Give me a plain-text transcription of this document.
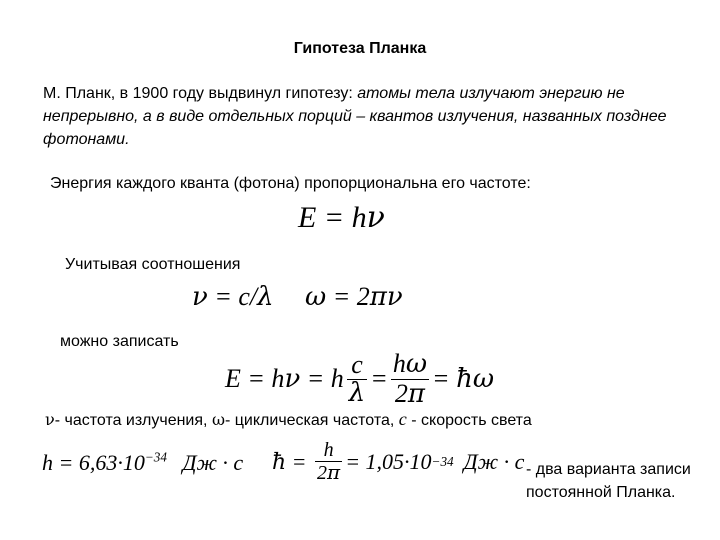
Гипотеза Планка
М. Планк, в 1900 году выдвинул гипотезу: атомы тела излучают энергию не непрерывно, а в виде отдельных порций – квантов излучения, названных позднее фотонами.
Энергия каждого кванта (фотона) пропорциональна его частоте:
E = hν
Учитывая соотношения
ν = c/λ ω = 2πν
можно записать
E = hν = h $\frac{c}{\lambda} = \frac{h\omega}{2\pi}$ = ħω
ν- частота излучения, ω- циклическая частота, c - скорость света
$h = 6,63\cdot 10^{-34}$ Дж · c ħ = $\frac{h}{2\pi} = 1,05\cdot 10 -34$ Дж · c - два варианта записи
постоянной Планка.
